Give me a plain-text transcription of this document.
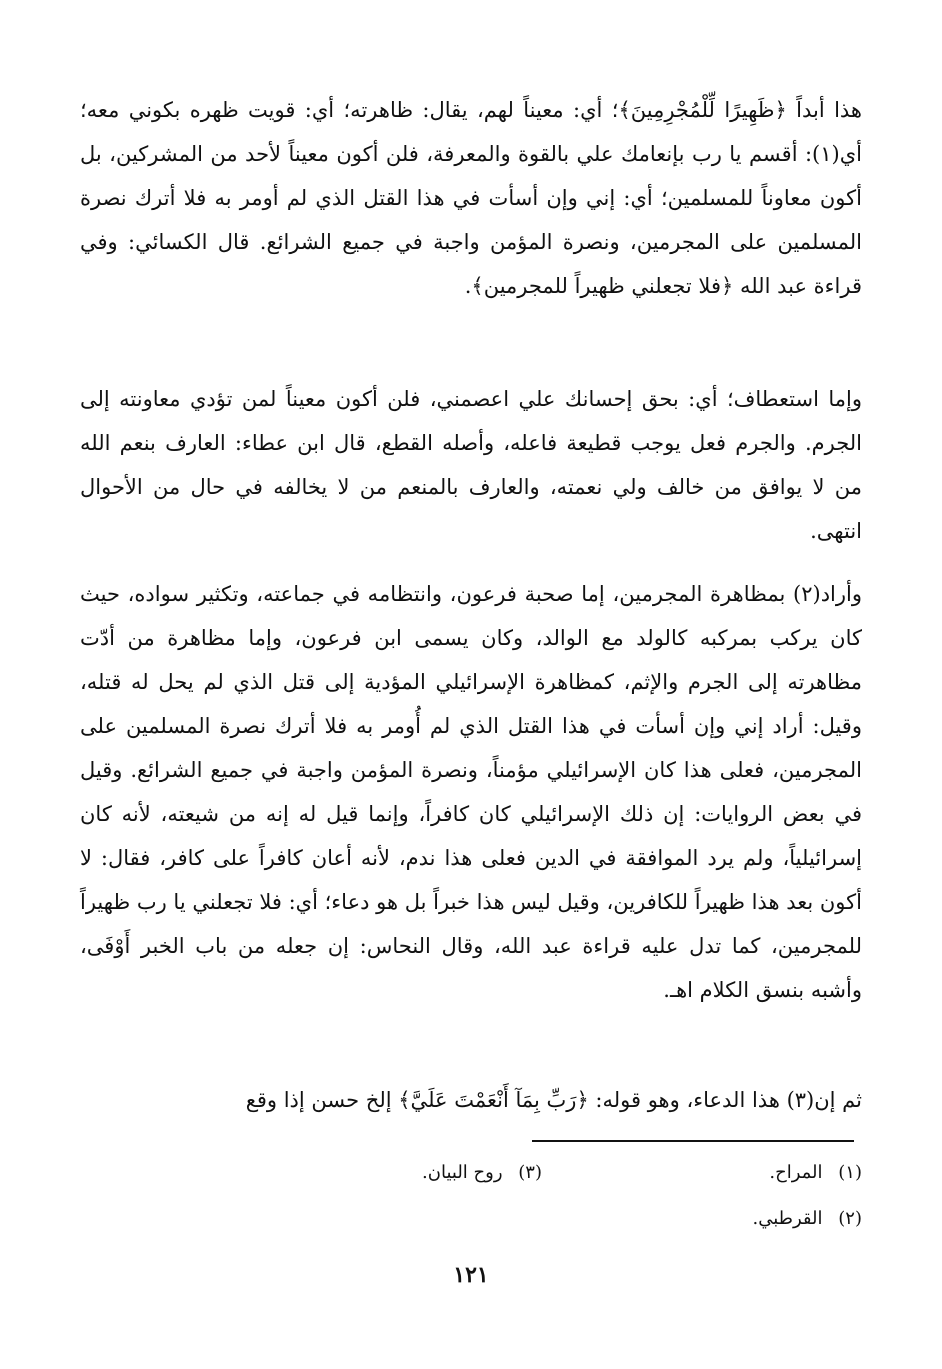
هذا أبداً ﴿ظَهِيرًا لِّلْمُجْرِمِينَ﴾؛ أي: معيناً لهم، يقال: ظاهرته؛ أي: قويت ظهره بكوني معه؛ أي(١): أقسم يا رب بإنعامك علي بالقوة والمعرفة، فلن أكون معيناً لأحد من المشركين، بل أكون معاوناً للمسلمين؛ أي: إني وإن أسأت في هذا القتل الذي لم أومر به فلا أترك نصرة المسلمين على المجرمين، ونصرة المؤمن واجبة في جميع الشرائع. قال الكسائي: وفي قراءة عبد الله ﴿فلا تجعلني ظهيراً للمجرمين﴾.

وإما استعطاف؛ أي: بحق إحسانك علي اعصمني، فلن أكون معيناً لمن تؤدي معاونته إلى الجرم. والجرم فعل يوجب قطيعة فاعله، وأصله القطع، قال ابن عطاء: العارف بنعم الله من لا يوافق من خالف ولي نعمته، والعارف بالمنعم من لا يخالفه في حال من الأحوال انتهى.

وأراد(٢) بمظاهرة المجرمين، إما صحبة فرعون، وانتظامه في جماعته، وتكثير سواده، حيث كان يركب بمركبه كالولد مع الوالد، وكان يسمى ابن فرعون، وإما مظاهرة من أدّت مظاهرته إلى الجرم والإثم، كمظاهرة الإسرائيلي المؤدية إلى قتل الذي لم يحل له قتله، وقيل: أراد إني وإن أسأت في هذا القتل الذي لم أُومر به فلا أترك نصرة المسلمين على المجرمين، فعلى هذا كان الإسرائيلي مؤمناً، ونصرة المؤمن واجبة في جميع الشرائع. وقيل في بعض الروايات: إن ذلك الإسرائيلي كان كافراً، وإنما قيل له إنه من شيعته، لأنه كان إسرائيلياً، ولم يرد الموافقة في الدين فعلى هذا ندم، لأنه أعان كافراً على كافر، فقال: لا أكون بعد هذا ظهيراً للكافرين، وقيل ليس هذا خبراً بل هو دعاء؛ أي: فلا تجعلني يا رب ظهيراً للمجرمين، كما تدل عليه قراءة عبد الله، وقال النحاس: إن جعله من باب الخبر أَوْفَى، وأشبه بنسق الكلام اهـ.

ثم إن(٣) هذا الدعاء، وهو قوله: ﴿رَبِّ بِمَآ أَنْعَمْتَ عَلَيَّ﴾ إلخ حسن إذا وقع

(١) المراح.
(٣) روح البيان.
(٢) القرطبي.
١٢١
